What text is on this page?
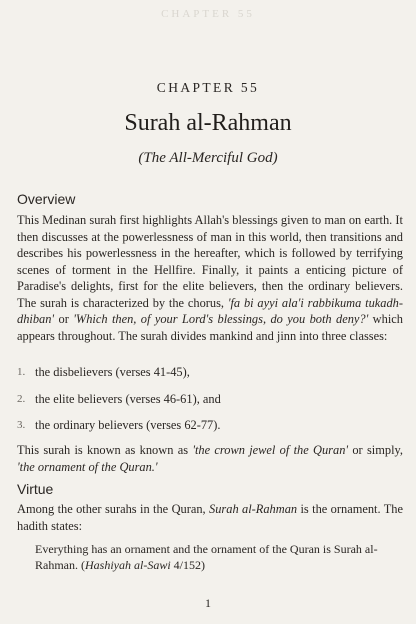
CHAPTER 55
CHAPTER 55
Surah al-Rahman
(The All-Merciful God)
Overview

This Medinan surah first highlights Allah's blessings given to man on earth. It then discusses at the powerlessness of man in this world, then transitions and describes his powerlessness in the hereafter, which is followed by terrifying scenes of torment in the Hellfire. Finally, it paints a enticing picture of Paradise's delights, first for the elite believers, then the ordinary believers. The surah is characterized by the chorus, 'fa bi ayyi ala'i rabbikuma tukadh-dhiban' or 'Which then, of your Lord's blessings, do you both deny?' which appears throughout. The surah divides mankind and jinn into three classes:

1. the disbelievers (verses 41-45),
2. the elite believers (verses 46-61), and
3. the ordinary believers (verses 62-77).

This surah is known as known as 'the crown jewel of the Quran' or simply, 'the ornament of the Quran.'

Virtue

Among the other surahs in the Quran, Surah al-Rahman is the ornament. The hadith states:

Everything has an ornament and the ornament of the Quran is Surah al-Rahman. (Hashiyah al-Sawi 4/152)

1
